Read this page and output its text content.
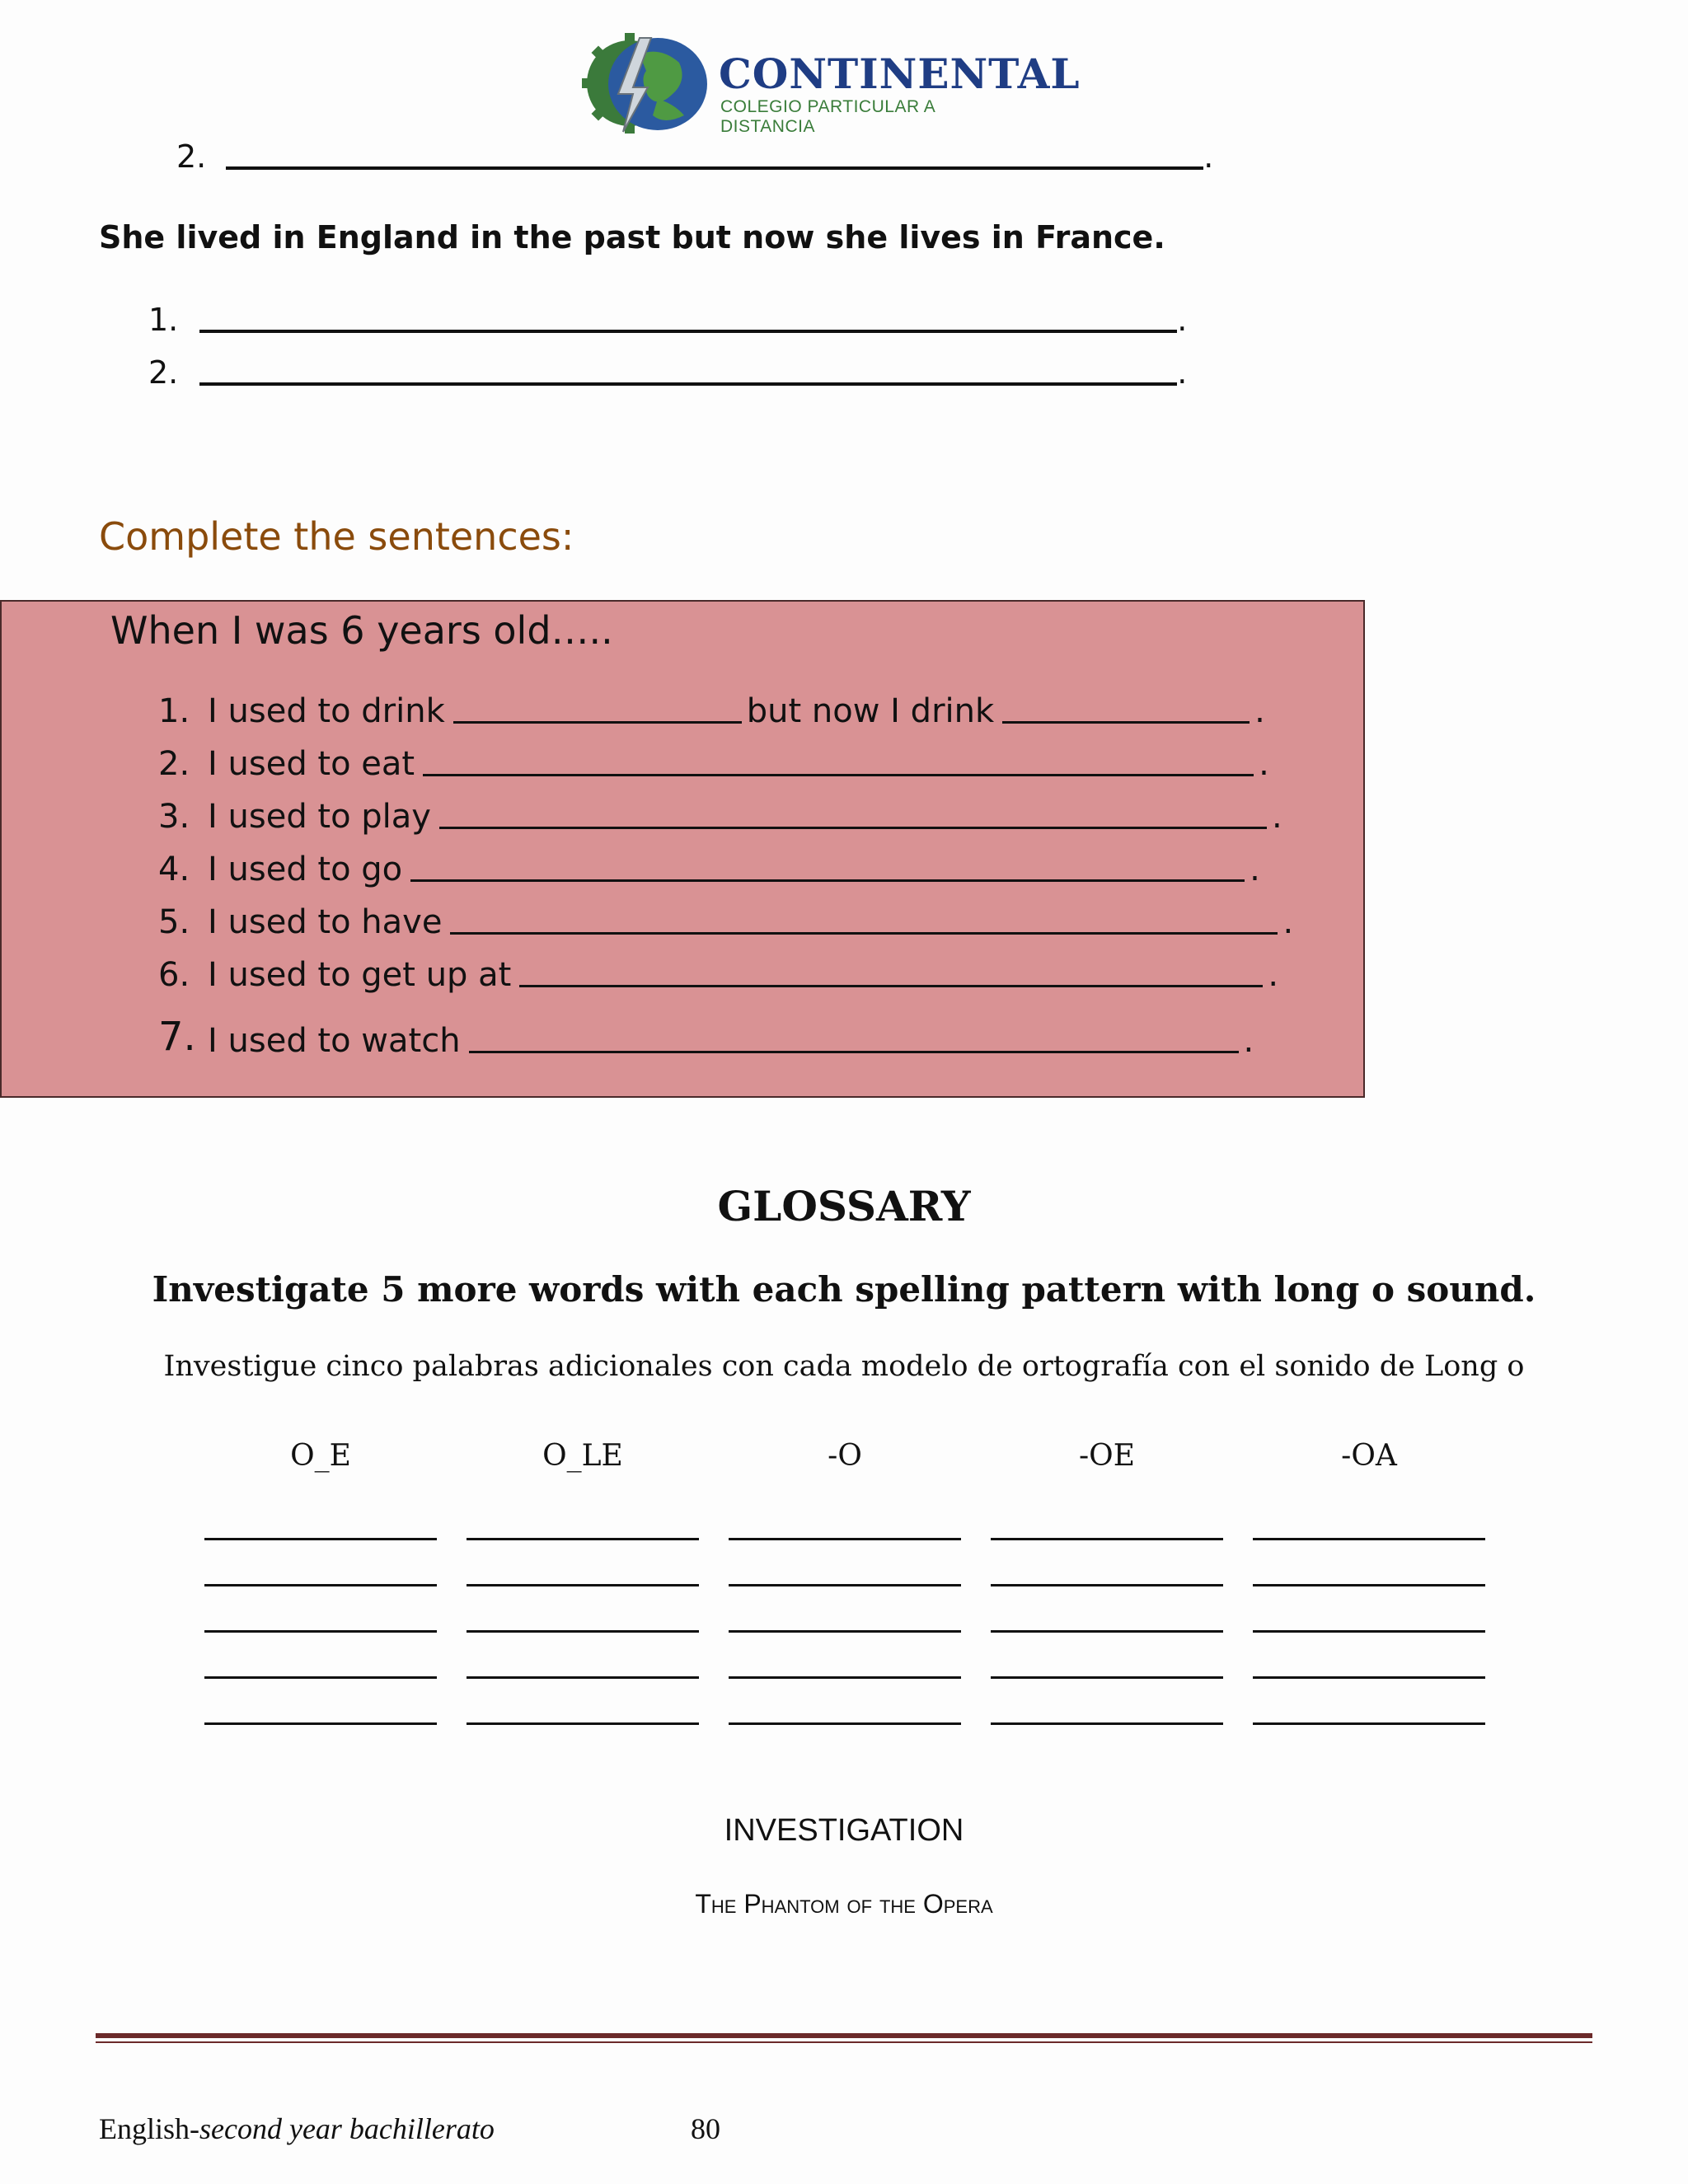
CONTINENTAL
COLEGIO PARTICULAR A DISTANCIA
2.	.
She lived in England in the past but now she lives in France.
1.	.
2.	.
Complete the sentences:
When I was 6 years old…..
1. I used to drink	but now I drink	.
2. I used to eat	.
3. I used to play	.
4. I used to go	.
5. I used to have	.
6. I used to get up at	.
7. I used to watch	.
GLOSSARY
Investigate 5 more words with each spelling pattern with long o sound.
Investigue cinco palabras adicionales con cada modelo de ortografía con el sonido de Long o
O_E	O_LE	-O	-OE	-OA
INVESTIGATION
The Phantom of the Opera
English-second year bachillerato	80
